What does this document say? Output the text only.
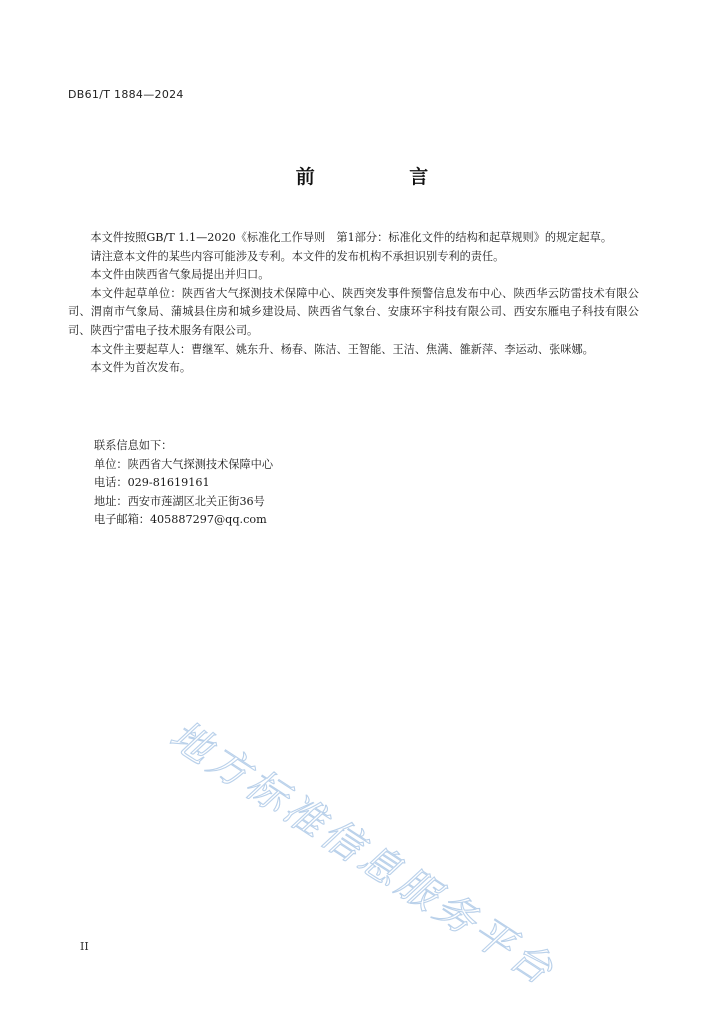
DB61/T 1884—2024
前 言

本文件按照GB/T 1.1—2020《标准化工作导则　第1部分：标准化文件的结构和起草规则》的规定起草。

请注意本文件的某些内容可能涉及专利。本文件的发布机构不承担识别专利的责任。

本文件由陕西省气象局提出并归口。

本文件起草单位：陕西省大气探测技术保障中心、陕西突发事件预警信息发布中心、陕西华云防雷技术有限公司、渭南市气象局、蒲城县住房和城乡建设局、陕西省气象台、安康环宇科技有限公司、西安东雁电子科技有限公司、陕西宁雷电子技术服务有限公司。

本文件主要起草人：曹继军、姚东升、杨春、陈洁、王智能、王洁、焦满、雒新萍、李运动、张咪娜。

本文件为首次发布。

联系信息如下：
单位：陕西省大气探测技术保障中心
电话：029-81619161
地址：西安市莲湖区北关正街36号
电子邮箱：405887297@qq.com
地方标准信息服务平台
II
